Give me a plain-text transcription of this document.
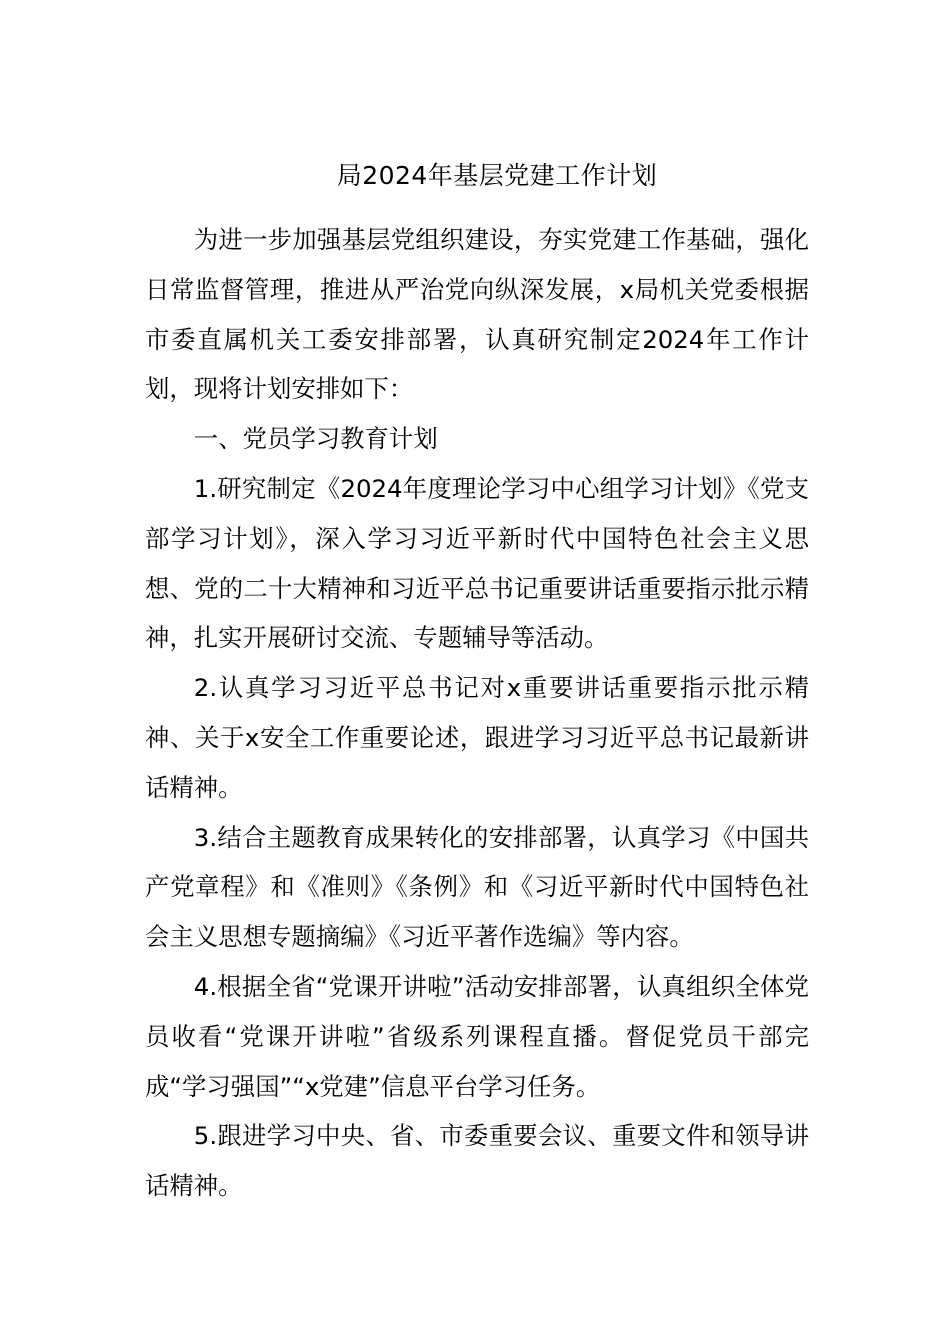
局2024年基层党建工作计划

为进一步加强基层党组织建设，夯实党建工作基础，强化日常监督管理，推进从严治党向纵深发展，x局机关党委根据市委直属机关工委安排部署，认真研究制定2024年工作计划，现将计划安排如下：

一、党员学习教育计划

1.研究制定《2024年度理论学习中心组学习计划》《党支部学习计划》，深入学习习近平新时代中国特色社会主义思想、党的二十大精神和习近平总书记重要讲话重要指示批示精神，扎实开展研讨交流、专题辅导等活动。

2.认真学习习近平总书记对x重要讲话重要指示批示精神、关于x安全工作重要论述，跟进学习习近平总书记最新讲话精神。

3.结合主题教育成果转化的安排部署，认真学习《中国共产党章程》和《准则》《条例》和《习近平新时代中国特色社会主义思想专题摘编》《习近平著作选编》等内容。

4.根据全省“党课开讲啦”活动安排部署，认真组织全体党员收看“党课开讲啦”省级系列课程直播。督促党员干部完成“学习强国”“x党建”信息平台学习任务。

5.跟进学习中央、省、市委重要会议、重要文件和领导讲话精神。
